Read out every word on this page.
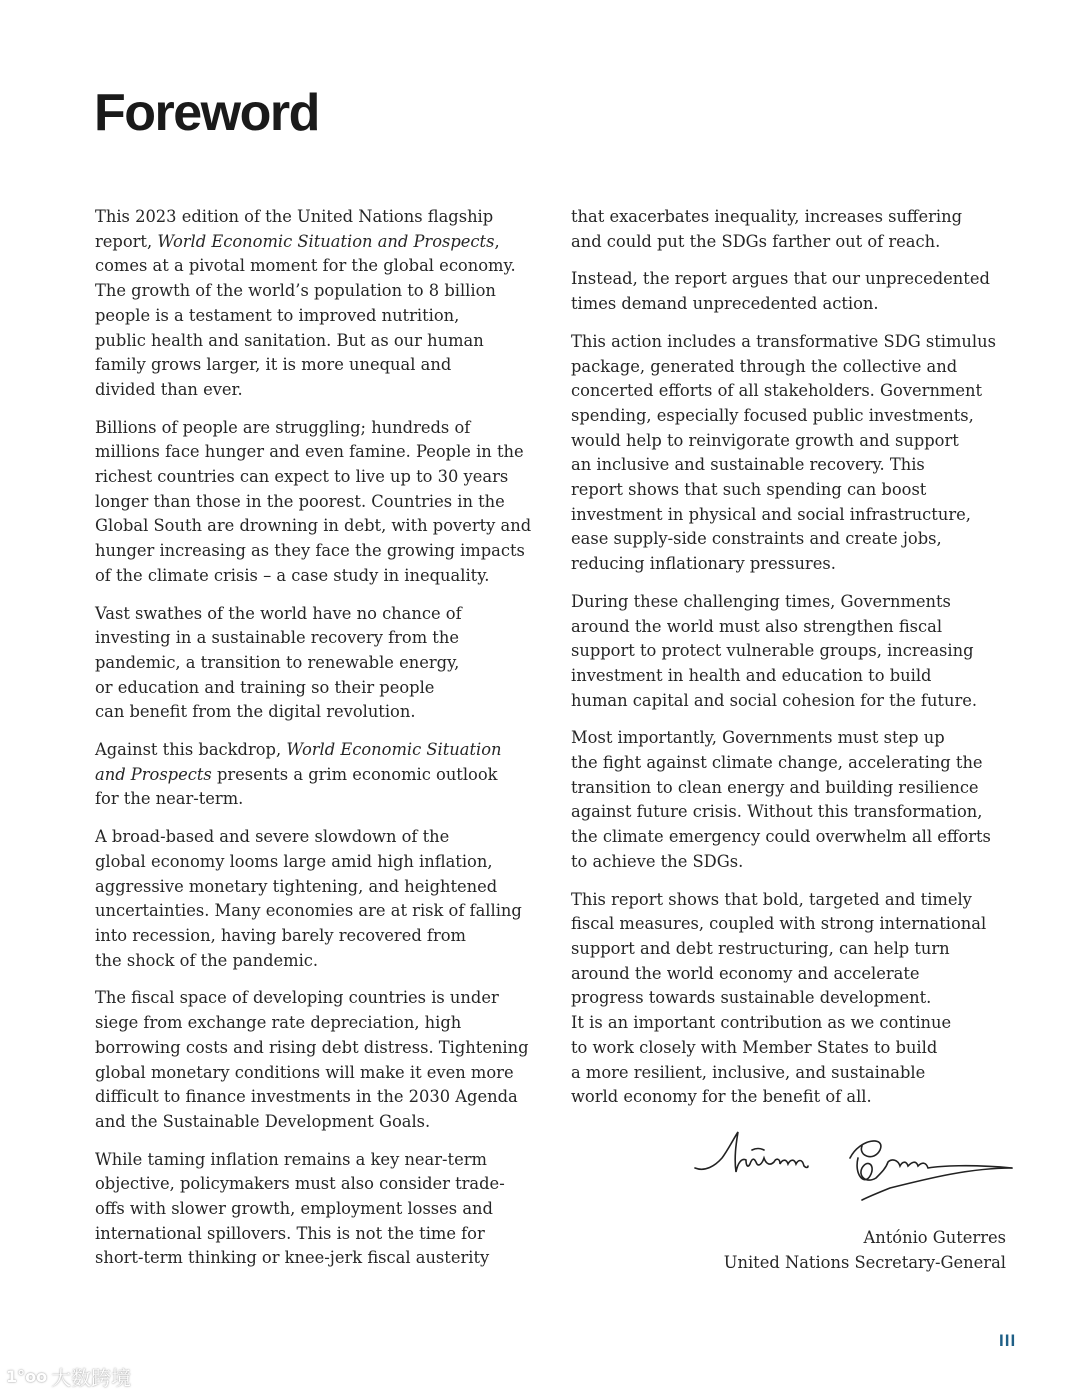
Foreword

This 2023 edition of the United Nations flagship
report, World Economic Situation and Prospects,
comes at a pivotal moment for the global economy.
The growth of the world’s population to 8 billion
people is a testament to improved nutrition,
public health and sanitation. But as our human
family grows larger, it is more unequal and
divided than ever.

Billions of people are struggling; hundreds of
millions face hunger and even famine. People in the
richest countries can expect to live up to 30 years
longer than those in the poorest. Countries in the
Global South are drowning in debt, with poverty and
hunger increasing as they face the growing impacts
of the climate crisis – a case study in inequality.

Vast swathes of the world have no chance of
investing in a sustainable recovery from the
pandemic, a transition to renewable energy,
or education and training so their people
can benefit from the digital revolution.

Against this backdrop, World Economic Situation
and Prospects presents a grim economic outlook
for the near-term.

A broad-based and severe slowdown of the
global economy looms large amid high inflation,
aggressive monetary tightening, and heightened
uncertainties. Many economies are at risk of falling
into recession, having barely recovered from
the shock of the pandemic.

The fiscal space of developing countries is under
siege from exchange rate depreciation, high
borrowing costs and rising debt distress. Tightening
global monetary conditions will make it even more
difficult to finance investments in the 2030 Agenda
and the Sustainable Development Goals.

While taming inflation remains a key near-term
objective, policymakers must also consider trade-
offs with slower growth, employment losses and
international spillovers. This is not the time for
short-term thinking or knee-jerk fiscal austerity

that exacerbates inequality, increases suffering
and could put the SDGs farther out of reach.

Instead, the report argues that our unprecedented
times demand unprecedented action.

This action includes a transformative SDG stimulus
package, generated through the collective and
concerted efforts of all stakeholders. Government
spending, especially focused public investments,
would help to reinvigorate growth and support
an inclusive and sustainable recovery. This
report shows that such spending can boost
investment in physical and social infrastructure,
ease supply-side constraints and create jobs,
reducing inflationary pressures.

During these challenging times, Governments
around the world must also strengthen fiscal
support to protect vulnerable groups, increasing
investment in health and education to build
human capital and social cohesion for the future.

Most importantly, Governments must step up
the fight against climate change, accelerating the
transition to clean energy and building resilience
against future crisis. Without this transformation,
the climate emergency could overwhelm all efforts
to achieve the SDGs.

This report shows that bold, targeted and timely
fiscal measures, coupled with strong international
support and debt restructuring, can help turn
around the world economy and accelerate
progress towards sustainable development.
It is an important contribution as we continue
to work closely with Member States to build
a more resilient, inclusive, and sustainable
world economy for the benefit of all.

António Guterres
United Nations Secretary-General
III
1°oo 大数跨境
